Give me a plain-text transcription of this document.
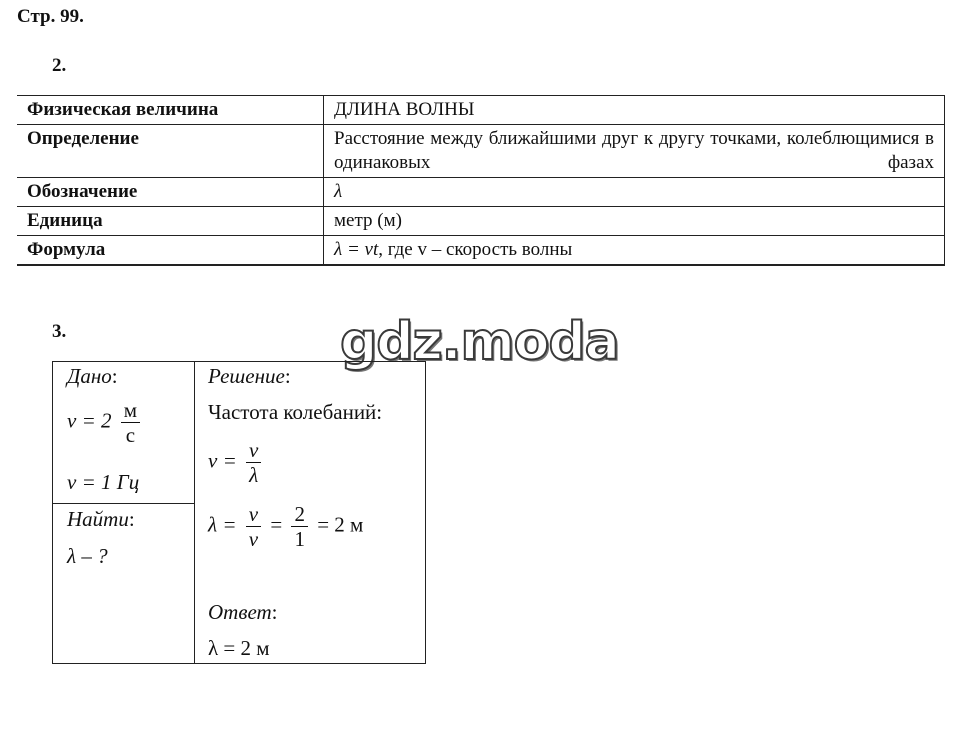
Стр. 99.
2.
Физическая величина	ДЛИНА ВОЛНЫ
Определение	Расстояние между ближайшими друг к другу точками, колеблющимися в одинаковых фазах
Обозначение	λ
Единица	метр (м)
Формула	λ = vt, где v – скорость волны
3.	gdz.moda
Дано:
$v = 2 \frac{м}{с}$
ν = 1 Гц
Найти:
λ – ?
Решение:
Частота колебаний:
$\nu = \frac{v}{\lambda}$
$\lambda = \frac{v}{\nu} = \frac{2}{1} = 2$ м
Ответ:
λ = 2 м
